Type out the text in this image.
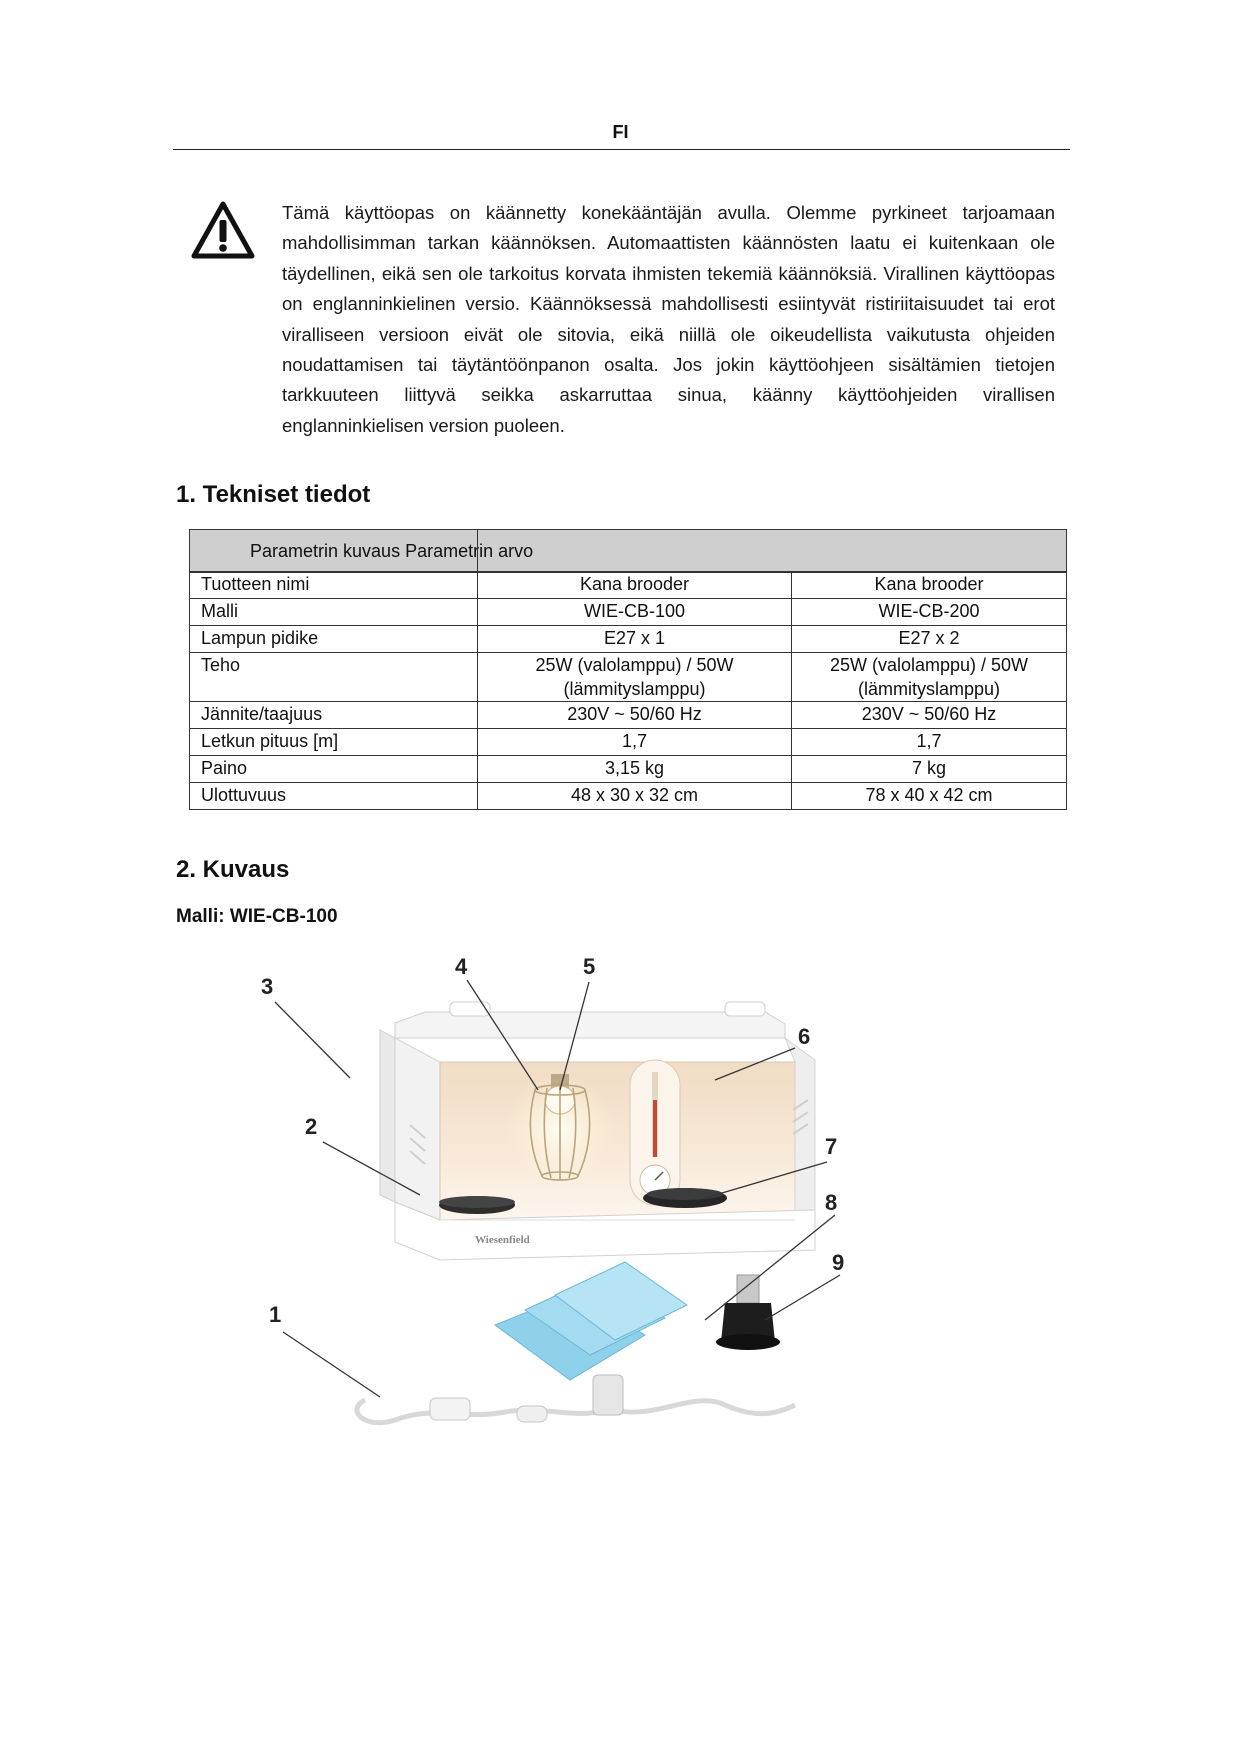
FI
Tämä käyttöopas on käännetty konekääntäjän avulla. Olemme pyrkineet tarjoamaan mahdollisimman tarkan käännöksen. Automaattisten käännösten laatu ei kuitenkaan ole täydellinen, eikä sen ole tarkoitus korvata ihmisten tekemiä käännöksiä. Virallinen käyttöopas on englanninkielinen versio. Käännöksessä mahdollisesti esiintyvät ristiriitaisuudet tai erot viralliseen versioon eivät ole sitovia, eikä niillä ole oikeudellista vaikutusta ohjeiden noudattamisen tai täytäntöönpanon osalta. Jos jokin käyttöohjeen sisältämien tietojen tarkkuuteen liittyvä seikka askarruttaa sinua, käänny käyttöohjeiden virallisen englanninkielisen version puoleen.
1. Tekniset tiedot
Parametrin kuvaus Parametrin arvo
Tuotteen nimi	Kana brooder	Kana brooder
Malli	WIE-CB-100	WIE-CB-200
Lampun pidike	E27 x 1	E27 x 2
Teho	25W (valolamppu) / 50W (lämmityslamppu)	25W (valolamppu) / 50W (lämmityslamppu)
Jännite/taajuus	230V ~ 50/60 Hz	230V ~ 50/60 Hz
Letkun pituus [m]	1,7	1,7
Paino	3,15 kg	7 kg
Ulottuvuus	48 x 30 x 32 cm	78 x 40 x 42 cm
2. Kuvaus
Malli: WIE-CB-100
Wiesenfield
3
2
1
4	5
6
7
8
9
